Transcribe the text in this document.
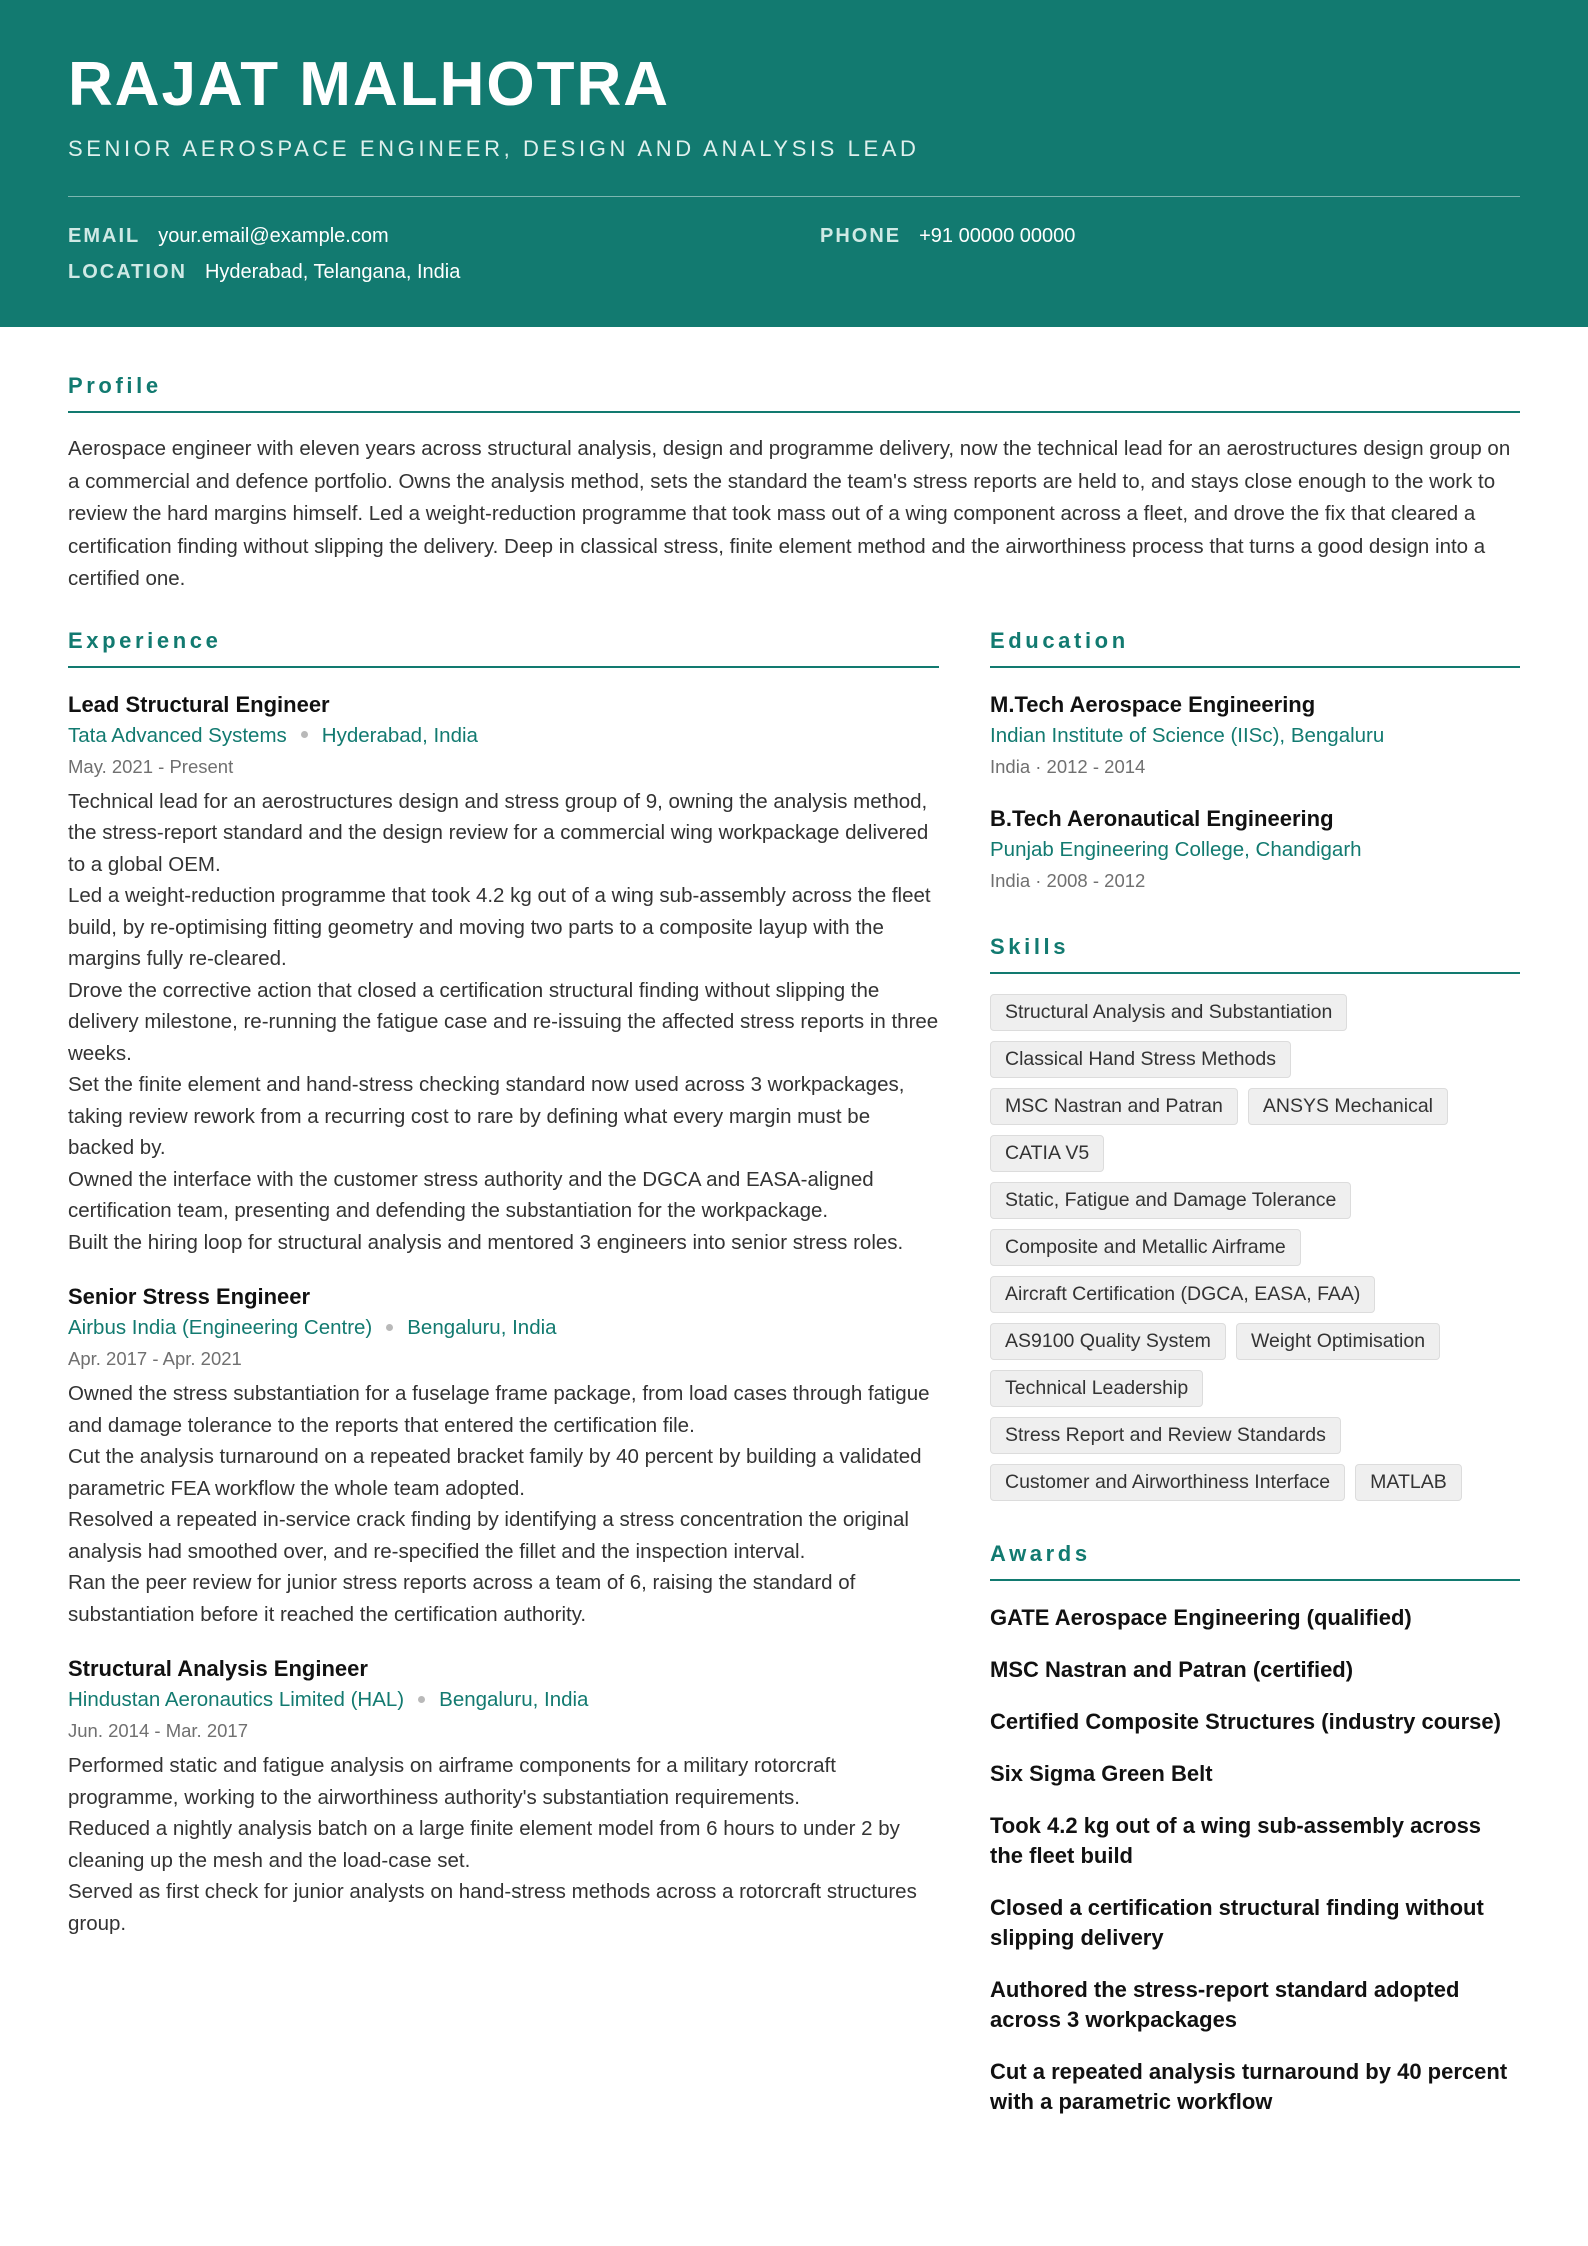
RAJAT MALHOTRA
SENIOR AEROSPACE ENGINEER, DESIGN AND ANALYSIS LEAD
EMAIL your.email@example.com	PHONE +91 00000 00000
LOCATION Hyderabad, Telangana, India
Profile
Aerospace engineer with eleven years across structural analysis, design and programme delivery, now the technical lead for an aerostructures design group on a commercial and defence portfolio. Owns the analysis method, sets the standard the team's stress reports are held to, and stays close enough to the work to review the hard margins himself. Led a weight-reduction programme that took mass out of a wing component across a fleet, and drove the fix that cleared a certification finding without slipping the delivery. Deep in classical stress, finite element method and the airworthiness process that turns a good design into a certified one.
Experience
Lead Structural Engineer
Tata Advanced Systems Hyderabad, India
May. 2021 - Present
Technical lead for an aerostructures design and stress group of 9, owning the analysis method, the stress-report standard and the design review for a commercial wing workpackage delivered to a global OEM.
Led a weight-reduction programme that took 4.2 kg out of a wing sub-assembly across the fleet build, by re-optimising fitting geometry and moving two parts to a composite layup with the margins fully re-cleared.
Drove the corrective action that closed a certification structural finding without slipping the delivery milestone, re-running the fatigue case and re-issuing the affected stress reports in three weeks.
Set the finite element and hand-stress checking standard now used across 3 workpackages, taking review rework from a recurring cost to rare by defining what every margin must be backed by.
Owned the interface with the customer stress authority and the DGCA and EASA-aligned certification team, presenting and defending the substantiation for the workpackage.
Built the hiring loop for structural analysis and mentored 3 engineers into senior stress roles.
Senior Stress Engineer
Airbus India (Engineering Centre) Bengaluru, India
Apr. 2017 - Apr. 2021
Owned the stress substantiation for a fuselage frame package, from load cases through fatigue and damage tolerance to the reports that entered the certification file.
Cut the analysis turnaround on a repeated bracket family by 40 percent by building a validated parametric FEA workflow the whole team adopted.
Resolved a repeated in-service crack finding by identifying a stress concentration the original analysis had smoothed over, and re-specified the fillet and the inspection interval.
Ran the peer review for junior stress reports across a team of 6, raising the standard of substantiation before it reached the certification authority.
Structural Analysis Engineer
Hindustan Aeronautics Limited (HAL) Bengaluru, India
Jun. 2014 - Mar. 2017
Performed static and fatigue analysis on airframe components for a military rotorcraft programme, working to the airworthiness authority's substantiation requirements.
Reduced a nightly analysis batch on a large finite element model from 6 hours to under 2 by cleaning up the mesh and the load-case set.
Served as first check for junior analysts on hand-stress methods across a rotorcraft structures group.
Education
M.Tech Aerospace Engineering
Indian Institute of Science (IISc), Bengaluru
India · 2012 - 2014
B.Tech Aeronautical Engineering
Punjab Engineering College, Chandigarh
India · 2008 - 2012
Skills
Structural Analysis and Substantiation
Classical Hand Stress Methods
MSC Nastran and Patran	ANSYS Mechanical
CATIA V5
Static, Fatigue and Damage Tolerance
Composite and Metallic Airframe
Aircraft Certification (DGCA, EASA, FAA)
AS9100 Quality System	Weight Optimisation
Technical Leadership
Stress Report and Review Standards
Customer and Airworthiness Interface	MATLAB
Awards
GATE Aerospace Engineering (qualified)
MSC Nastran and Patran (certified)
Certified Composite Structures (industry course)
Six Sigma Green Belt
Took 4.2 kg out of a wing sub-assembly across the fleet build
Closed a certification structural finding without slipping delivery
Authored the stress-report standard adopted across 3 workpackages
Cut a repeated analysis turnaround by 40 percent with a parametric workflow
